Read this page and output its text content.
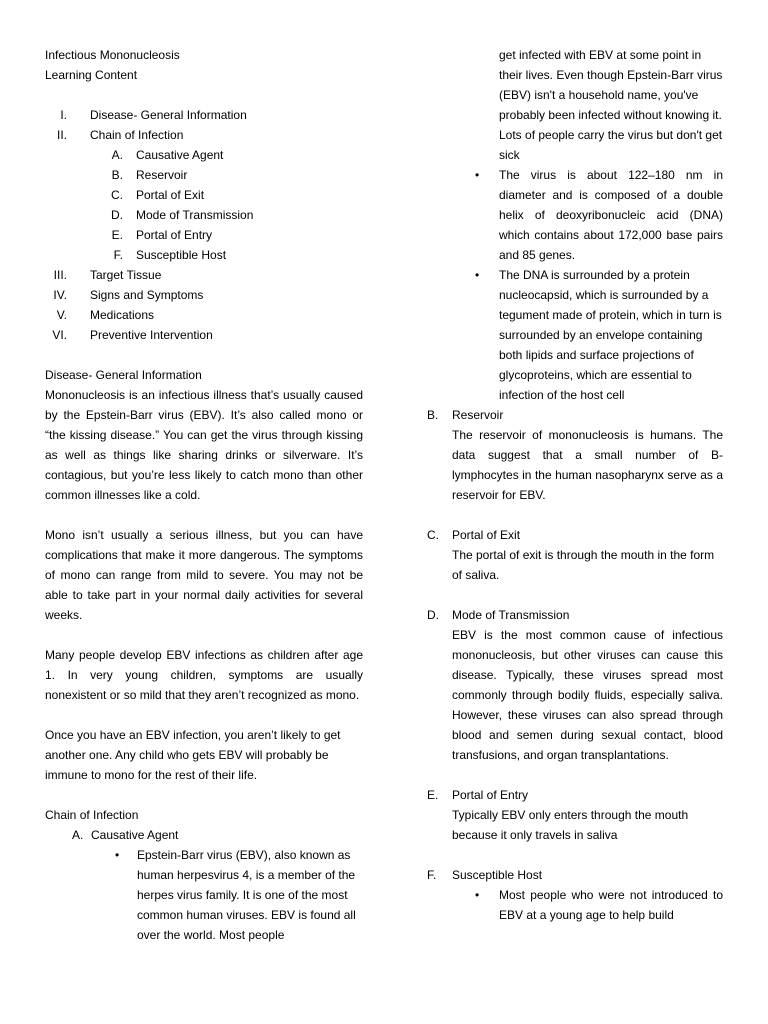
Infectious Mononucleosis

Learning Content

I. Disease- General Information
II. Chain of Infection
A. Causative Agent
B. Reservoir
C. Portal of Exit
D. Mode of Transmission
E. Portal of Entry
F. Susceptible Host
III. Target Tissue
IV. Signs and Symptoms
V. Medications
VI. Preventive Intervention

Disease- General Information

Mononucleosis is an infectious illness that’s usually caused by the Epstein-Barr virus (EBV). It’s also called mono or “the kissing disease.” You can get the virus through kissing as well as things like sharing drinks or silverware. It’s contagious, but you’re less likely to catch mono than other common illnesses like a cold.

Mono isn’t usually a serious illness, but you can have complications that make it more dangerous. The symptoms of mono can range from mild to severe. You may not be able to take part in your normal daily activities for several weeks.

Many people develop EBV infections as children after age 1. In very young children, symptoms are usually nonexistent or so mild that they aren’t recognized as mono.

Once you have an EBV infection, you aren’t likely to get another one. Any child who gets EBV will probably be immune to mono for the rest of their life.

Chain of Infection

A. Causative Agent
• Epstein-Barr virus (EBV), also known as human herpesvirus 4, is a member of the herpes virus family. It is one of the most common human viruses. EBV is found all over the world. Most people

get infected with EBV at some point in their lives. Even though Epstein-Barr virus (EBV) isn't a household name, you've probably been infected without knowing it. Lots of people carry the virus but don't get sick

• The virus is about 122–180 nm in diameter and is composed of a double helix of deoxyribonucleic acid (DNA) which contains about 172,000 base pairs and 85 genes.
• The DNA is surrounded by a protein nucleocapsid, which is surrounded by a tegument made of protein, which in turn is surrounded by an envelope containing both lipids and surface projections of glycoproteins, which are essential to infection of the host cell
B. Reservoir

The reservoir of mononucleosis is humans. The data suggest that a small number of B-lymphocytes in the human nasopharynx serve as a reservoir for EBV.

C. Portal of Exit

The portal of exit is through the mouth in the form of saliva.

D. Mode of Transmission

EBV is the most common cause of infectious mononucleosis, but other viruses can cause this disease. Typically, these viruses spread most commonly through bodily fluids, especially saliva. However, these viruses can also spread through blood and semen during sexual contact, blood transfusions, and organ transplantations.

E. Portal of Entry

Typically EBV only enters through the mouth because it only travels in saliva

F. Susceptible Host
• Most people who were not introduced to EBV at a young age to help build
